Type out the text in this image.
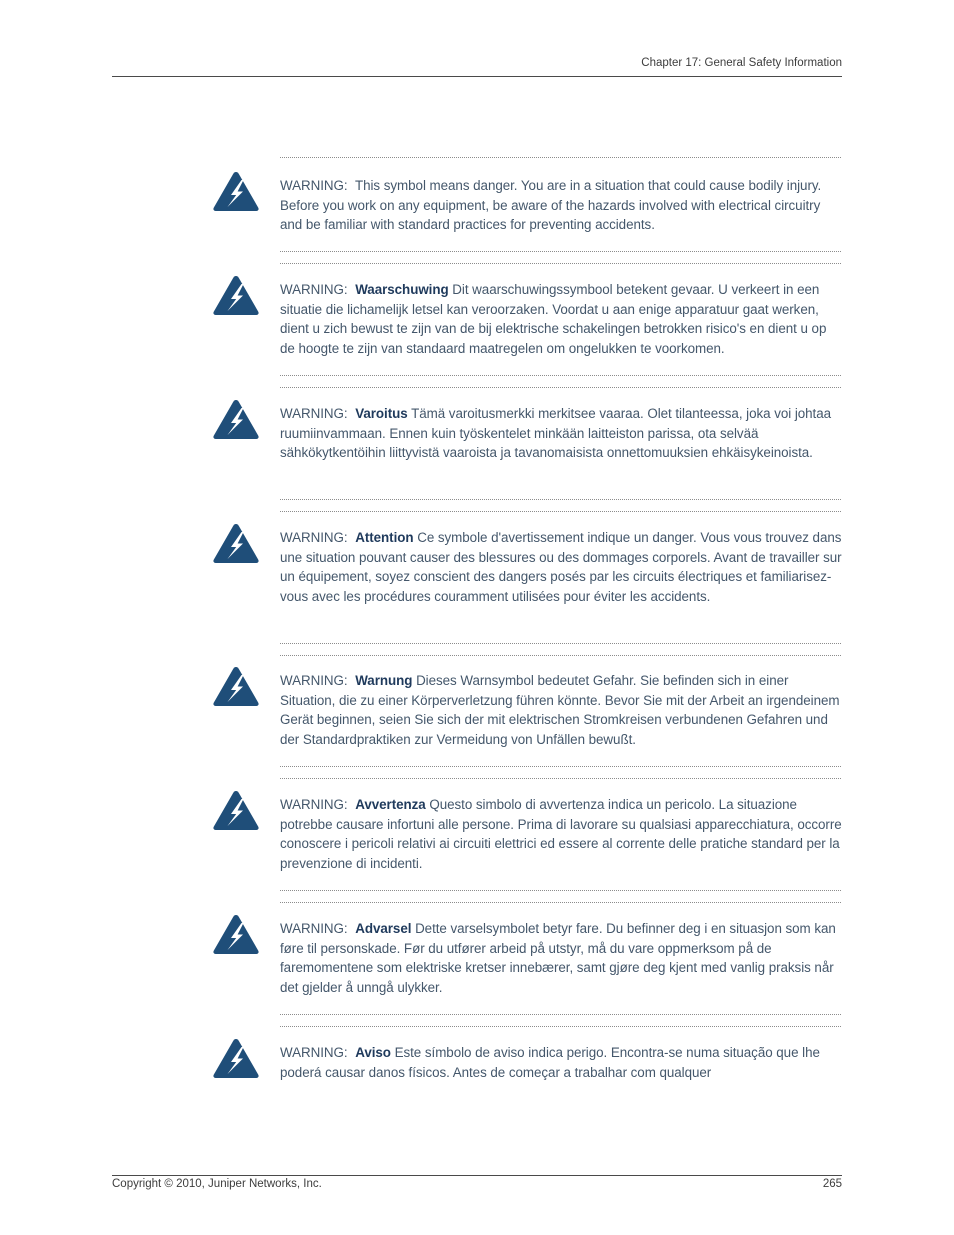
Chapter 17: General Safety Information
WARNING: This symbol means danger. You are in a situation that could cause bodily injury. Before you work on any equipment, be aware of the hazards involved with electrical circuitry and be familiar with standard practices for preventing accidents.
WARNING: Waarschuwing Dit waarschuwingssymbool betekent gevaar. U verkeert in een situatie die lichamelijk letsel kan veroorzaken. Voordat u aan enige apparatuur gaat werken, dient u zich bewust te zijn van de bij elektrische schakelingen betrokken risico's en dient u op de hoogte te zijn van standaard maatregelen om ongelukken te voorkomen.
WARNING: Varoitus Tämä varoitusmerkki merkitsee vaaraa. Olet tilanteessa, joka voi johtaa ruumiinvammaan. Ennen kuin työskentelet minkään laitteiston parissa, ota selvää sähkökytkentöihin liittyvistä vaaroista ja tavanomaisista onnettomuuksien ehkäisykeinoista.
WARNING: Attention Ce symbole d'avertissement indique un danger. Vous vous trouvez dans une situation pouvant causer des blessures ou des dommages corporels. Avant de travailler sur un équipement, soyez conscient des dangers posés par les circuits électriques et familiarisez-vous avec les procédures couramment utilisées pour éviter les accidents.
WARNING: Warnung Dieses Warnsymbol bedeutet Gefahr. Sie befinden sich in einer Situation, die zu einer Körperverletzung führen könnte. Bevor Sie mit der Arbeit an irgendeinem Gerät beginnen, seien Sie sich der mit elektrischen Stromkreisen verbundenen Gefahren und der Standardpraktiken zur Vermeidung von Unfällen bewußt.
WARNING: Avvertenza Questo simbolo di avvertenza indica un pericolo. La situazione potrebbe causare infortuni alle persone. Prima di lavorare su qualsiasi apparecchiatura, occorre conoscere i pericoli relativi ai circuiti elettrici ed essere al corrente delle pratiche standard per la prevenzione di incidenti.
WARNING: Advarsel Dette varselsymbolet betyr fare. Du befinner deg i en situasjon som kan føre til personskade. Før du utfører arbeid på utstyr, må du vare oppmerksom på de faremomentene som elektriske kretser innebærer, samt gjøre deg kjent med vanlig praksis når det gjelder å unngå ulykker.
WARNING: Aviso Este símbolo de aviso indica perigo. Encontra-se numa situação que lhe poderá causar danos físicos. Antes de começar a trabalhar com qualquer
Copyright © 2010, Juniper Networks, Inc.	265
